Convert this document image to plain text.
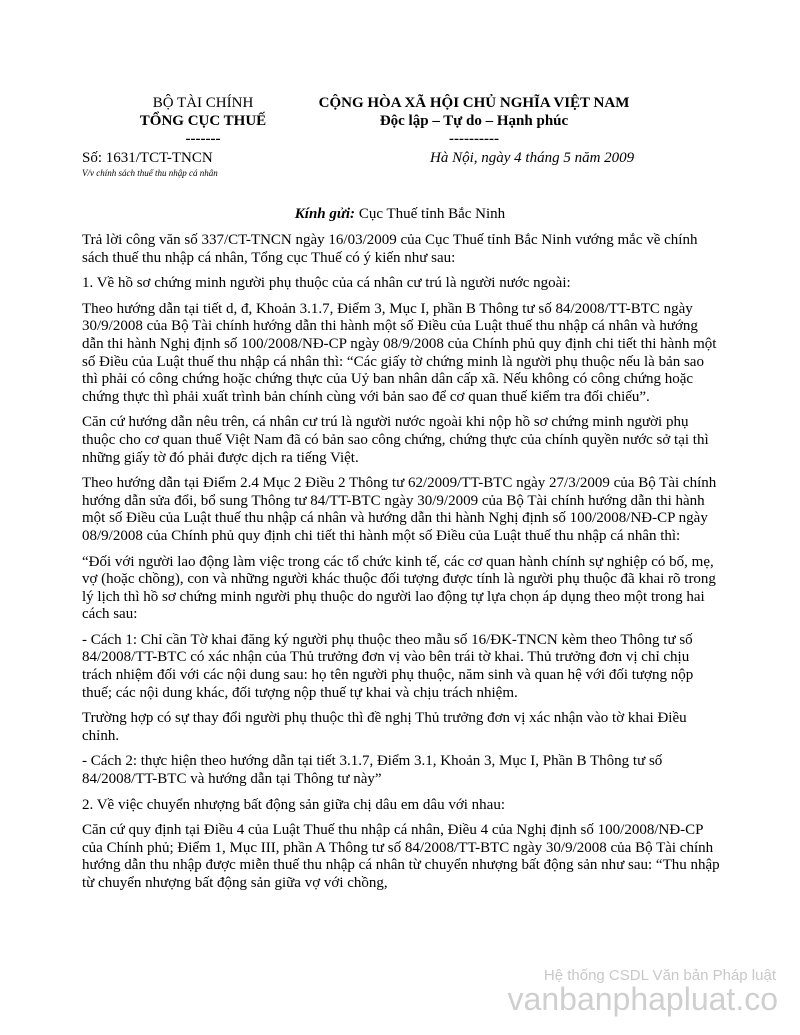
BỘ TÀI CHÍNH
TỔNG CỤC THUẾ
-------
CỘNG HÒA XÃ HỘI CHỦ NGHĨA VIỆT NAM
Độc lập – Tự do – Hạnh phúc
----------
Số: 1631/TCT-TNCN
V/v chính sách thuế thu nhập cá nhân
Hà Nội, ngày 4 tháng 5 năm 2009
Kính gửi: Cục Thuế tỉnh Bắc Ninh

Trả lời công văn số 337/CT-TNCN ngày 16/03/2009 của Cục Thuế tỉnh Bắc Ninh vướng mắc về chính sách thuế thu nhập cá nhân, Tổng cục Thuế có ý kiến như sau:

1. Về hồ sơ chứng minh người phụ thuộc của cá nhân cư trú là người nước ngoài:

Theo hướng dẫn tại tiết d, đ, Khoản 3.1.7, Điểm 3, Mục I, phần B Thông tư số 84/2008/TT-BTC ngày 30/9/2008 của Bộ Tài chính hướng dẫn thi hành một số Điều của Luật thuế thu nhập cá nhân và hướng dẫn thi hành Nghị định số 100/2008/NĐ-CP ngày 08/9/2008 của Chính phủ quy định chi tiết thi hành một số Điều của Luật thuế thu nhập cá nhân thì: “Các giấy tờ chứng minh là người phụ thuộc nếu là bản sao thì phải có công chứng hoặc chứng thực của Uỷ ban nhân dân cấp xã. Nếu không có công chứng hoặc chứng thực thì phải xuất trình bản chính cùng với bản sao để cơ quan thuế kiểm tra đối chiếu”.

Căn cứ hướng dẫn nêu trên, cá nhân cư trú là người nước ngoài khi nộp hồ sơ chứng minh người phụ thuộc cho cơ quan thuế Việt Nam đã có bản sao công chứng, chứng thực của chính quyền nước sở tại thì những giấy tờ đó phải được dịch ra tiếng Việt.

Theo hướng dẫn tại Điểm 2.4 Mục 2 Điều 2 Thông tư 62/2009/TT-BTC ngày 27/3/2009 của Bộ Tài chính hướng dẫn sửa đổi, bổ sung Thông tư 84/TT-BTC ngày 30/9/2009 của Bộ Tài chính hướng dẫn thi hành một số Điều của Luật thuế thu nhập cá nhân và hướng dẫn thi hành Nghị định số 100/2008/NĐ-CP ngày 08/9/2008 của Chính phủ quy định chi tiết thi hành một số Điều của Luật thuế thu nhập cá nhân thì:

“Đối với người lao động làm việc trong các tổ chức kinh tế, các cơ quan hành chính sự nghiệp có bố, mẹ, vợ (hoặc chồng), con và những người khác thuộc đối tượng được tính là người phụ thuộc đã khai rõ trong lý lịch thì hồ sơ chứng minh người phụ thuộc do người lao động tự lựa chọn áp dụng theo một trong hai cách sau:

- Cách 1: Chỉ cần Tờ khai đăng ký người phụ thuộc theo mẫu số 16/ĐK-TNCN kèm theo Thông tư số 84/2008/TT-BTC có xác nhận của Thủ trưởng đơn vị vào bên trái tờ khai. Thủ trưởng đơn vị chỉ chịu trách nhiệm đối với các nội dung sau: họ tên người phụ thuộc, năm sinh và quan hệ với đối tượng nộp thuế; các nội dung khác, đối tượng nộp thuế tự khai và chịu trách nhiệm.

Trường hợp có sự thay đổi người phụ thuộc thì đề nghị Thủ trưởng đơn vị xác nhận vào tờ khai Điều chỉnh.

- Cách 2: thực hiện theo hướng dẫn tại tiết 3.1.7, Điểm 3.1, Khoản 3, Mục I, Phần B Thông tư số 84/2008/TT-BTC và hướng dẫn tại Thông tư này”

2. Về việc chuyển nhượng bất động sản giữa chị dâu em dâu với nhau:

Căn cứ quy định tại Điều 4 của Luật Thuế thu nhập cá nhân, Điều 4 của Nghị định số 100/2008/NĐ-CP của Chính phủ; Điểm 1, Mục III, phần A Thông tư số 84/2008/TT-BTC ngày 30/9/2008 của Bộ Tài chính hướng dẫn thu nhập được miễn thuế thu nhập cá nhân từ chuyển nhượng bất động sản như sau: “Thu nhập từ chuyển nhượng bất động sản giữa vợ với chồng,

Hệ thống CSDL Văn bản Pháp luật
vanbanphapluat.co
